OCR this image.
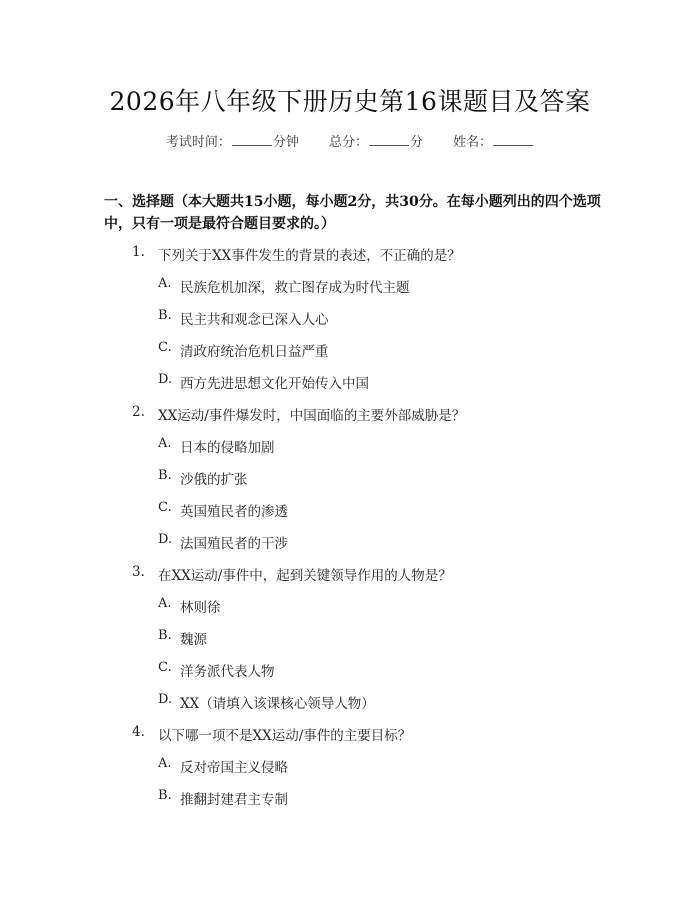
2026年八年级下册历史第16课题目及答案
考试时间：	分钟 总分：	分 姓名：
一、选择题（本大题共15小题，每小题2分，共30分。在每小题列出的四个选项中，只有一项是最符合题目要求的。）
1. 下列关于XX事件发生的背景的表述，不正确的是？
A. 民族危机加深，救亡图存成为时代主题
B. 民主共和观念已深入人心
C. 清政府统治危机日益严重
D. 西方先进思想文化开始传入中国
2. XX运动/事件爆发时，中国面临的主要外部威胁是？
A. 日本的侵略加剧
B. 沙俄的扩张
C. 英国殖民者的渗透
D. 法国殖民者的干涉
3. 在XX运动/事件中，起到关键领导作用的人物是？
A. 林则徐
B. 魏源
C. 洋务派代表人物
D. XX（请填入该课核心领导人物）
4. 以下哪一项不是XX运动/事件的主要目标？
A. 反对帝国主义侵略
B. 推翻封建君主专制
